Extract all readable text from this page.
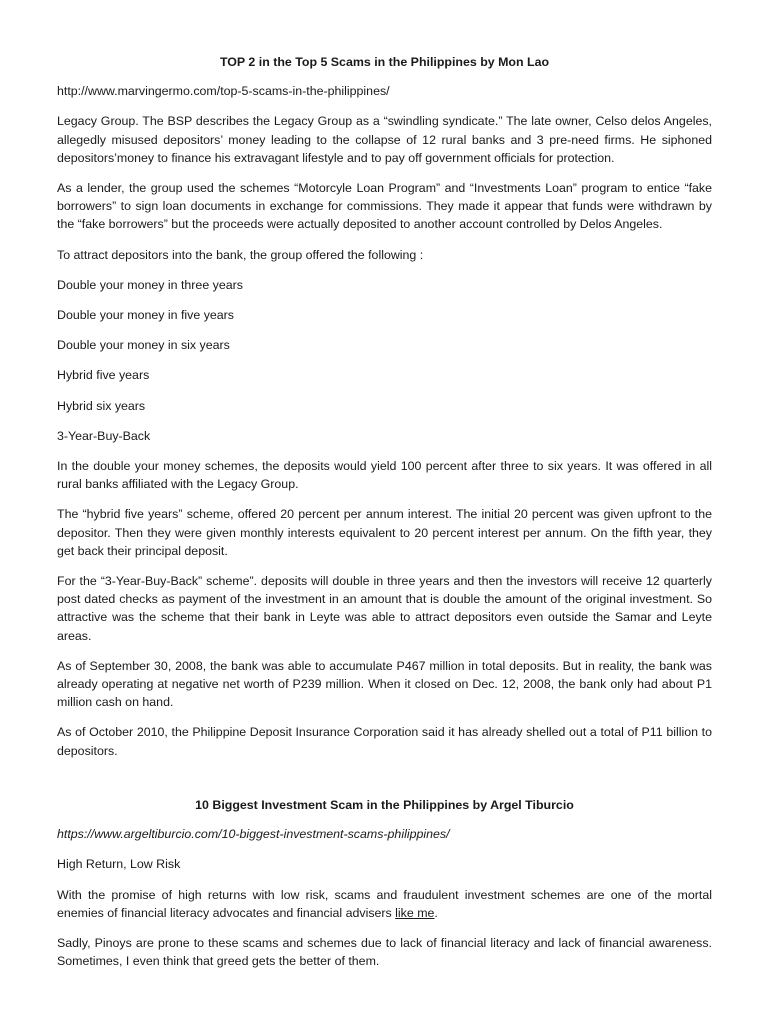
TOP 2 in the Top 5 Scams in the Philippines by Mon Lao
http://www.marvingermo.com/top-5-scams-in-the-philippines/
Legacy Group. The BSP describes the Legacy Group as a “swindling syndicate.” The late owner, Celso delos Angeles, allegedly misused depositors’ money leading to the collapse of 12 rural banks and 3 pre-need firms. He siphoned depositors’money to finance his extravagant lifestyle and to pay off government officials for protection.
As a lender, the group used the schemes “Motorcyle Loan Program” and “Investments Loan” program to entice “fake borrowers” to sign loan documents in exchange for commissions. They made it appear that funds were withdrawn by the “fake borrowers” but the proceeds were actually deposited to another account controlled by Delos Angeles.
To attract depositors into the bank, the group offered the following :
Double your money in three years
Double your money in five years
Double your money in six years
Hybrid five years
Hybrid six years
3-Year-Buy-Back
In the double your money schemes, the deposits would yield 100 percent after three to six years. It was offered in all rural banks affiliated with the Legacy Group.
The “hybrid five years” scheme, offered 20 percent per annum interest. The initial 20 percent was given upfront to the depositor. Then they were given monthly interests equivalent to 20 percent interest per annum. On the fifth year, they get back their principal deposit.
For the “3-Year-Buy-Back” scheme”. deposits will double in three years and then the investors will receive 12 quarterly post dated checks as payment of the investment in an amount that is double the amount of the original investment. So attractive was the scheme that their bank in Leyte was able to attract depositors even outside the Samar and Leyte areas.
As of September 30, 2008, the bank was able to accumulate P467 million in total deposits. But in reality, the bank was already operating at negative net worth of P239 million. When it closed on Dec. 12, 2008, the bank only had about P1 million cash on hand.
As of October 2010, the Philippine Deposit Insurance Corporation said it has already shelled out a total of P11 billion to depositors.
10 Biggest Investment Scam in the Philippines by Argel Tiburcio
https://www.argeltiburcio.com/10-biggest-investment-scams-philippines/
High Return, Low Risk
With the promise of high returns with low risk, scams and fraudulent investment schemes are one of the mortal enemies of financial literacy advocates and financial advisers like me.
Sadly, Pinoys are prone to these scams and schemes due to lack of financial literacy and lack of financial awareness. Sometimes, I even think that greed gets the better of them.
